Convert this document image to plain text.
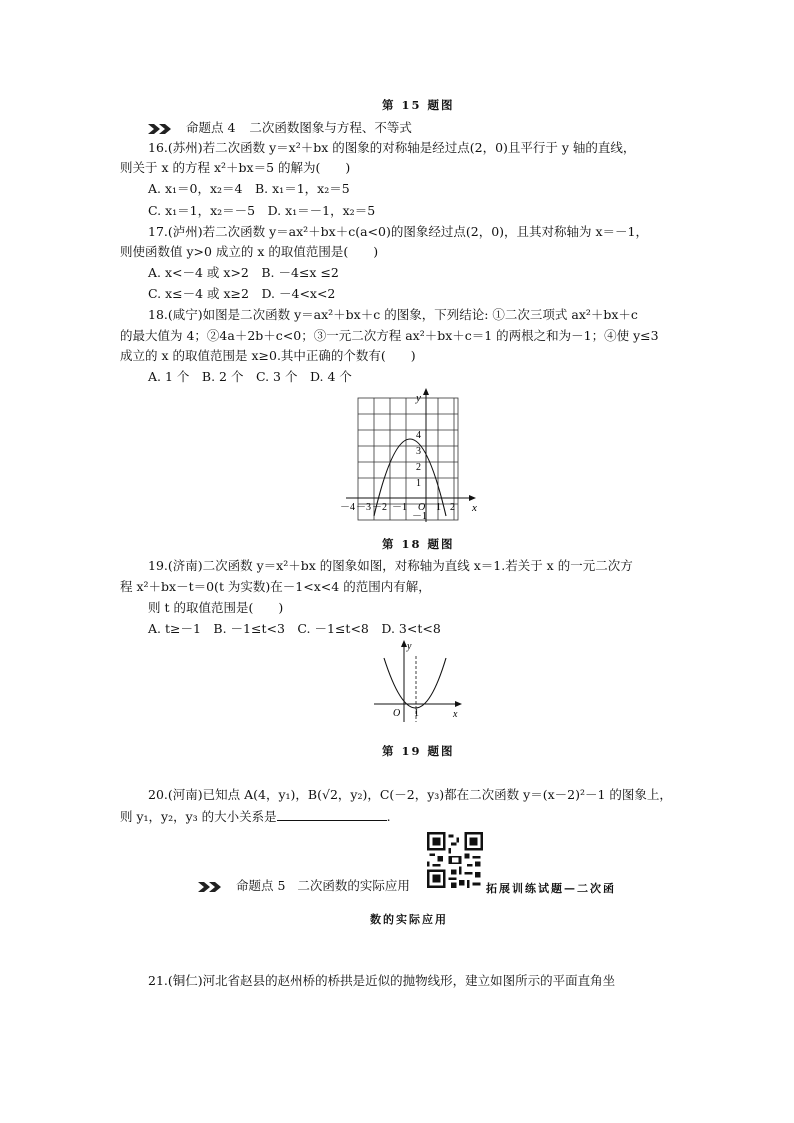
第 15 题图
命题点 4 二次函数图象与方程、不等式
16.(苏州)若二次函数 y＝x²＋bx 的图象的对称轴是经过点(2，0)且平行于 y 轴的直线，
则关于 x 的方程 x²＋bx＝5 的解为(　　)
A. x₁＝0，x₂＝4　B. x₁＝1，x₂＝5
C. x₁＝1，x₂＝－5　D. x₁＝－1，x₂＝5
17.(泸州)若二次函数 y＝ax²＋bx＋c(a<0)的图象经过点(2，0)，且其对称轴为 x＝－1，
则使函数值 y>0 成立的 x 的取值范围是(　　)
A. x<－4 或 x>2　B. －4≤x ≤2
C. x≤－4 或 x≥2　D. －4<x<2
18.(咸宁)如图是二次函数 y＝ax²＋bx＋c 的图象，下列结论: ①二次三项式 ax²＋bx＋c
的最大值为 4；②4a＋2b＋c<0；③一元二次方程 ax²＋bx＋c＝1 的两根之和为－1；④使 y≤3
成立的 x 的取值范围是 x≥0.其中正确的个数有(　　)
A. 1 个　B. 2 个　C. 3 个　D. 4 个
y
x
O
－4 －3 －2 －1	1 2
4
3
2
1
－1
第 18 题图
19.(济南)二次函数 y＝x²＋bx 的图象如图，对称轴为直线 x＝1.若关于 x 的一元二次方
程 x²＋bx－t＝0(t 为实数)在－1<x<4 的范围内有解，
则 t 的取值范围是(　　)
A. t≥－1　B. －1≤t<3　C. －1≤t<8　D. 3<t<8
y
x
O 1
第 19 题图
20.(河南)已知点 A(4，y₁)，B(√2，y₂)，C(－2，y₃)都在二次函数 y＝(x－2)²－1 的图象上，
则 y₁，y₂，y₃ 的大小关系是	.
命题点 5 二次函数的实际应用	拓展训练试题—二次函
数的实际应用
21.(铜仁)河北省赵县的赵州桥的桥拱是近似的抛物线形，建立如图所示的平面直角坐
